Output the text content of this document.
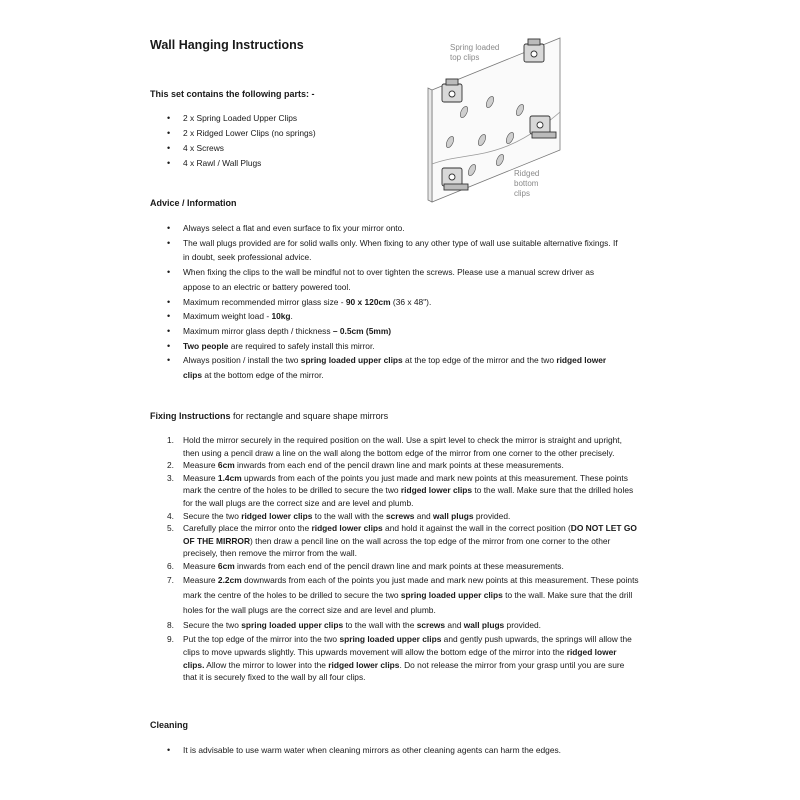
Wall Hanging Instructions
This set contains the following parts: -
• 2 x Spring Loaded Upper Clips
• 2 x Ridged Lower Clips (no springs)
• 4 x Screws
• 4 x Rawl / Wall Plugs
Spring loaded
top clips
Ridged
bottom
clips
Advice / Information
• Always select a flat and even surface to fix your mirror onto.
• The wall plugs provided are for solid walls only. When fixing to any other type of wall use suitable alternative fixings. If in doubt, seek professional advice.
• When fixing the clips to the wall be mindful not to over tighten the screws. Please use a manual screw driver as appose to an electric or battery powered tool.
• Maximum recommended mirror glass size - 90 x 120cm (36 x 48").
• Maximum weight load - 10kg.
• Maximum mirror glass depth / thickness – 0.5cm (5mm)
• Two people are required to safely install this mirror.
• Always position / install the two spring loaded upper clips at the top edge of the mirror and the two ridged lower clips at the bottom edge of the mirror.
Fixing Instructions for rectangle and square shape mirrors
1. Hold the mirror securely in the required position on the wall. Use a spirt level to check the mirror is straight and upright, then using a pencil draw a line on the wall along the bottom edge of the mirror from one corner to the other precisely.
2. Measure 6cm inwards from each end of the pencil drawn line and mark points at these measurements.
3. Measure 1.4cm upwards from each of the points you just made and mark new points at this measurement. These points mark the centre of the holes to be drilled to secure the two ridged lower clips to the wall. Make sure that the drilled holes for the wall plugs are the correct size and are level and plumb.
4. Secure the two ridged lower clips to the wall with the screws and wall plugs provided.
5. Carefully place the mirror onto the ridged lower clips and hold it against the wall in the correct position (DO NOT LET GO OF THE MIRROR) then draw a pencil line on the wall across the top edge of the mirror from one corner to the other precisely, then remove the mirror from the wall.
6. Measure 6cm inwards from each end of the pencil drawn line and mark points at these measurements.
7. Measure 2.2cm downwards from each of the points you just made and mark new points at this measurement. These points mark the centre of the holes to be drilled to secure the two spring loaded upper clips to the wall. Make sure that the drill holes for the wall plugs are the correct size and are level and plumb.
8. Secure the two spring loaded upper clips to the wall with the screws and wall plugs provided.
9. Put the top edge of the mirror into the two spring loaded upper clips and gently push upwards, the springs will allow the clips to move upwards slightly. This upwards movement will allow the bottom edge of the mirror into the ridged lower clips. Allow the mirror to lower into the ridged lower clips. Do not release the mirror from your grasp until you are sure that it is securely fixed to the wall by all four clips.
Cleaning
• It is advisable to use warm water when cleaning mirrors as other cleaning agents can harm the edges.
